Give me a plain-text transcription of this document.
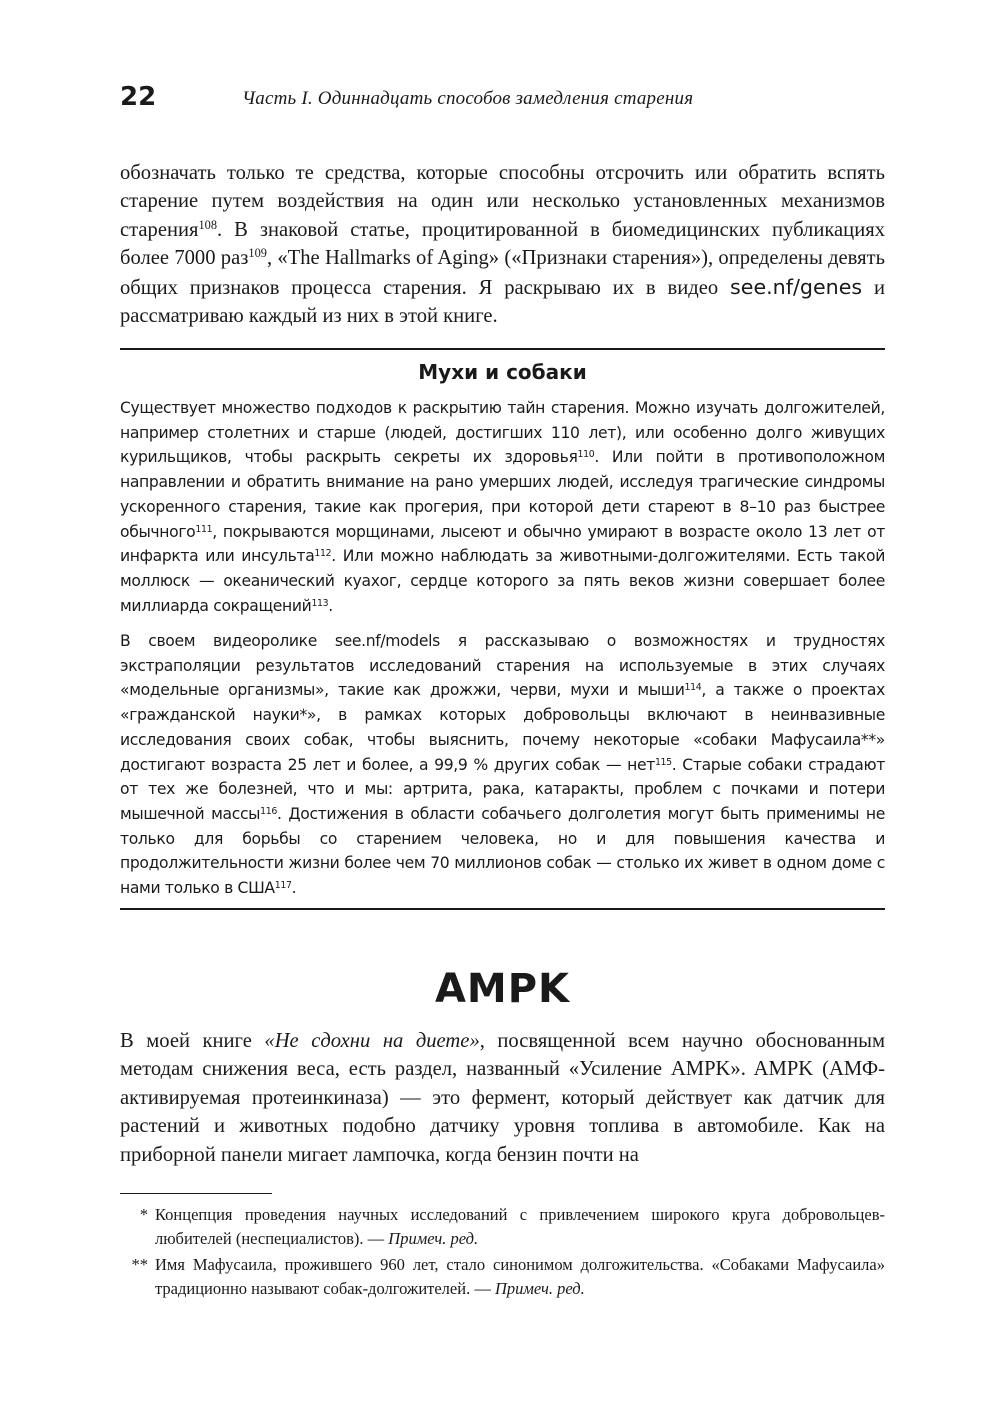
22	Часть I. Одиннадцать способов замедления старения

обозначать только те средства, которые способны отсрочить или обратить вспять старение путем воздействия на один или несколько установленных механизмов старения$^{108}$. В знаковой статье, процитированной в биомедицинских публикациях более 7000 раз$^{109}$, «The Hallmarks of Aging» («Признаки старения»), определены девять общих признаков процесса старения. Я раскрываю их в видео see.nf/genes и рассматриваю каждый из них в этой книге.

Мухи и собаки

Существует множество подходов к раскрытию тайн старения. Можно изучать долгожителей, например столетних и старше (людей, достигших 110 лет), или особенно долго живущих курильщиков, чтобы раскрыть секреты их здоровья$^{110}$. Или пойти в противоположном направлении и обратить внимание на рано умерших людей, исследуя трагические синдромы ускоренного старения, такие как прогерия, при которой дети стареют в 8–10 раз быстрее обычного$^{111}$, покрываются морщинами, лысеют и обычно умирают в возрасте около 13 лет от инфаркта или инсульта$^{112}$. Или можно наблюдать за животными-долгожителями. Есть такой моллюск — океанический куахог, сердце которого за пять веков жизни совершает более миллиарда сокращений$^{113}$.

В своем видеоролике see.nf/models я рассказываю о возможностях и трудностях экстраполяции результатов исследований старения на используемые в этих случаях «модельные организмы», такие как дрожжи, черви, мухи и мыши$^{114}$, а также о проектах «гражданской науки*», в рамках которых добровольцы включают в неинвазивные исследования своих собак, чтобы выяснить, почему некоторые «собаки Мафусаила**» достигают возраста 25 лет и более, а 99,9 % других собак — нет$^{115}$. Старые собаки страдают от тех же болезней, что и мы: артрита, рака, катаракты, проблем с почками и потери мышечной массы$^{116}$. Достижения в области собачьего долголетия могут быть применимы не только для борьбы со старением человека, но и для повышения качества и продолжительности жизни более чем 70 миллионов собак — столько их живет в одном доме с нами только в США$^{117}$.

AMPK

В моей книге «Не сдохни на диете», посвященной всем научно обоснованным методам снижения веса, есть раздел, названный «Усиление AMPK». AMPK (АМФ-активируемая протеинкиназа) — это фермент, который действует как датчик для растений и животных подобно датчику уровня топлива в автомобиле. Как на приборной панели мигает лампочка, когда бензин почти на

* Концепция проведения научных исследований с привлечением широкого круга добровольцев-любителей (неспециалистов). — Примеч. ред.
** Имя Мафусаила, прожившего 960 лет, стало синонимом долгожительства. «Собаками Мафусаила» традиционно называют собак-долгожителей. — Примеч. ред.
